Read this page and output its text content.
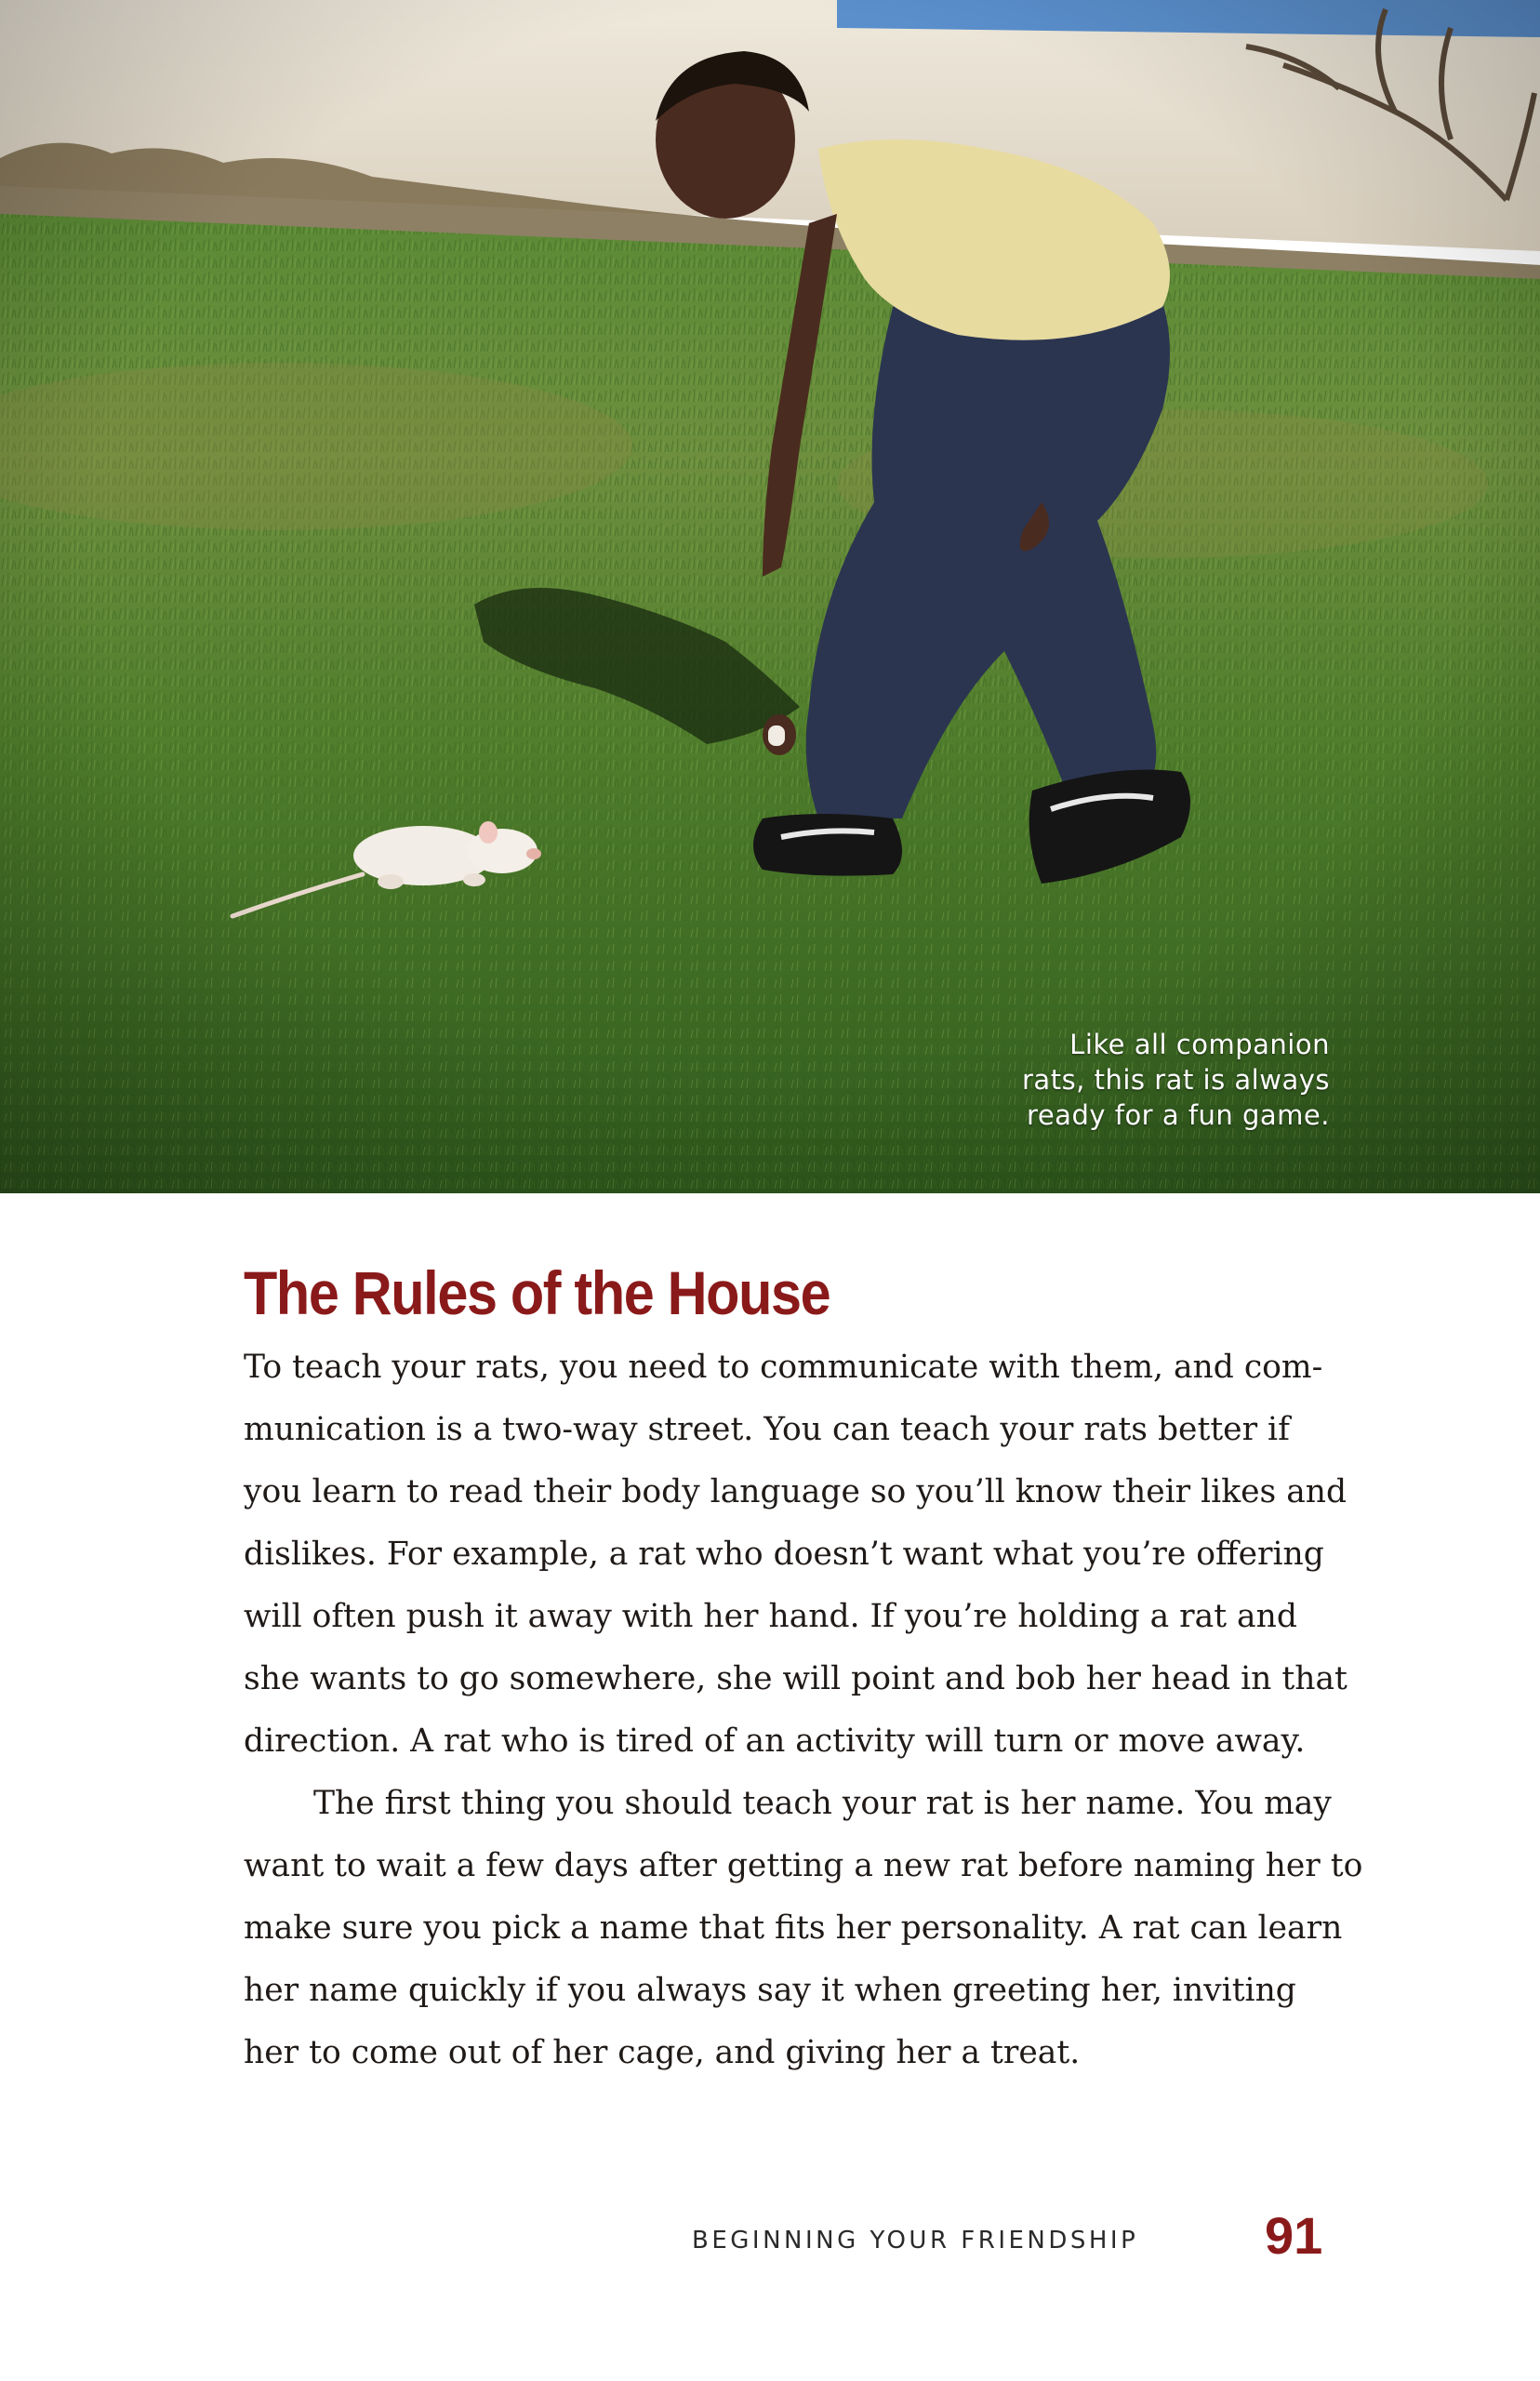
Like all companion
rats, this rat is always
ready for a fun game.
The Rules of the House
To teach your rats, you need to communicate with them, and com-
munication is a two-way street. You can teach your rats better if
you learn to read their body language so you’ll know their likes and
dislikes. For example, a rat who doesn’t want what you’re offering
will often push it away with her hand. If you’re holding a rat and
she wants to go somewhere, she will point and bob her head in that
direction. A rat who is tired of an activity will turn or move away.
The first thing you should teach your rat is her name. You may
want to wait a few days after getting a new rat before naming her to
make sure you pick a name that fits her personality. A rat can learn
her name quickly if you always say it when greeting her, inviting
her to come out of her cage, and giving her a treat.
BEGINNING YOUR FRIENDSHIP 91
